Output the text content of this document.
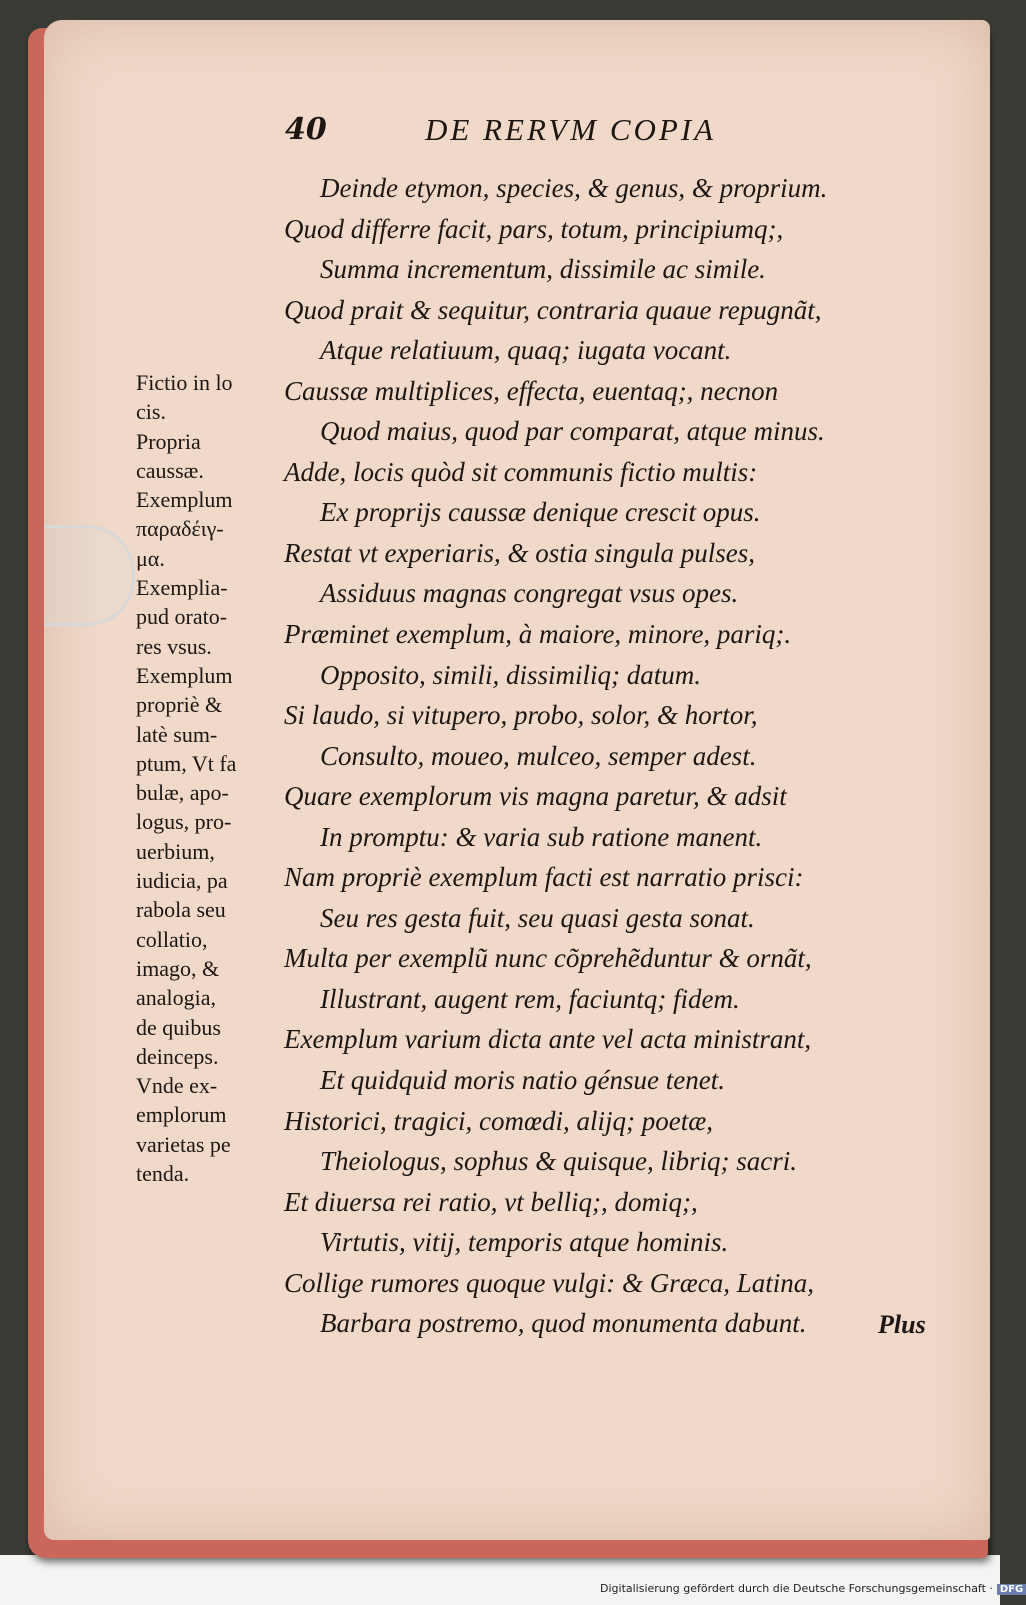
40	DE RERVM COPIA
Fictio in lo
cis.
Propria
caussæ.
Exemplum
παραδέιγ-
μα.
Exemplia-
pud orato-
res vsus.
Exemplum
propriè &
latè sum-
ptum, Vt fa
bulæ, apo-
logus, pro-
uerbium,
iudicia, pa
rabola seu
collatio,
imago, &
analogia,
de quibus
deinceps.
Vnde ex-
emplorum
varietas pe
tenda.
Deinde etymon, species, & genus, & proprium.
Quod differre facit, pars, totum, principiumq;,
Summa incrementum, dissimile ac simile.
Quod prait & sequitur, contraria quaue repugnãt,
Atque relatiuum, quaq; iugata vocant.
Caussæ multiplices, effecta, euentaq;, necnon
Quod maius, quod par comparat, atque minus.
Adde, locis quòd sit communis fictio multis:
Ex proprijs caussæ denique crescit opus.
Restat vt experiaris, & ostia singula pulses,
Assiduus magnas congregat vsus opes.
Præminet exemplum, à maiore, minore, pariq;.
Opposito, simili, dissimiliq; datum.
Si laudo, si vitupero, probo, solor, & hortor,
Consulto, moueo, mulceo, semper adest.
Quare exemplorum vis magna paretur, & adsit
In promptu: & varia sub ratione manent.
Nam propriè exemplum facti est narratio prisci:
Seu res gesta fuit, seu quasi gesta sonat.
Multa per exemplũ nunc cõprehẽduntur & ornãt,
Illustrant, augent rem, faciuntq; fidem.
Exemplum varium dicta ante vel acta ministrant,
Et quidquid moris natio génsue tenet.
Historici, tragici, comœdi, alijq; poetæ,
Theiologus, sophus & quisque, libriq; sacri.
Et diuersa rei ratio, vt belliq;, domiq;,
Virtutis, vitij, temporis atque hominis.
Collige rumores quoque vulgi: & Græca, Latina,
Barbara postremo, quod monumenta dabunt.	Plus
Digitalisierung gefördert durch die Deutsche Forschungsgemeinschaft · DFG
